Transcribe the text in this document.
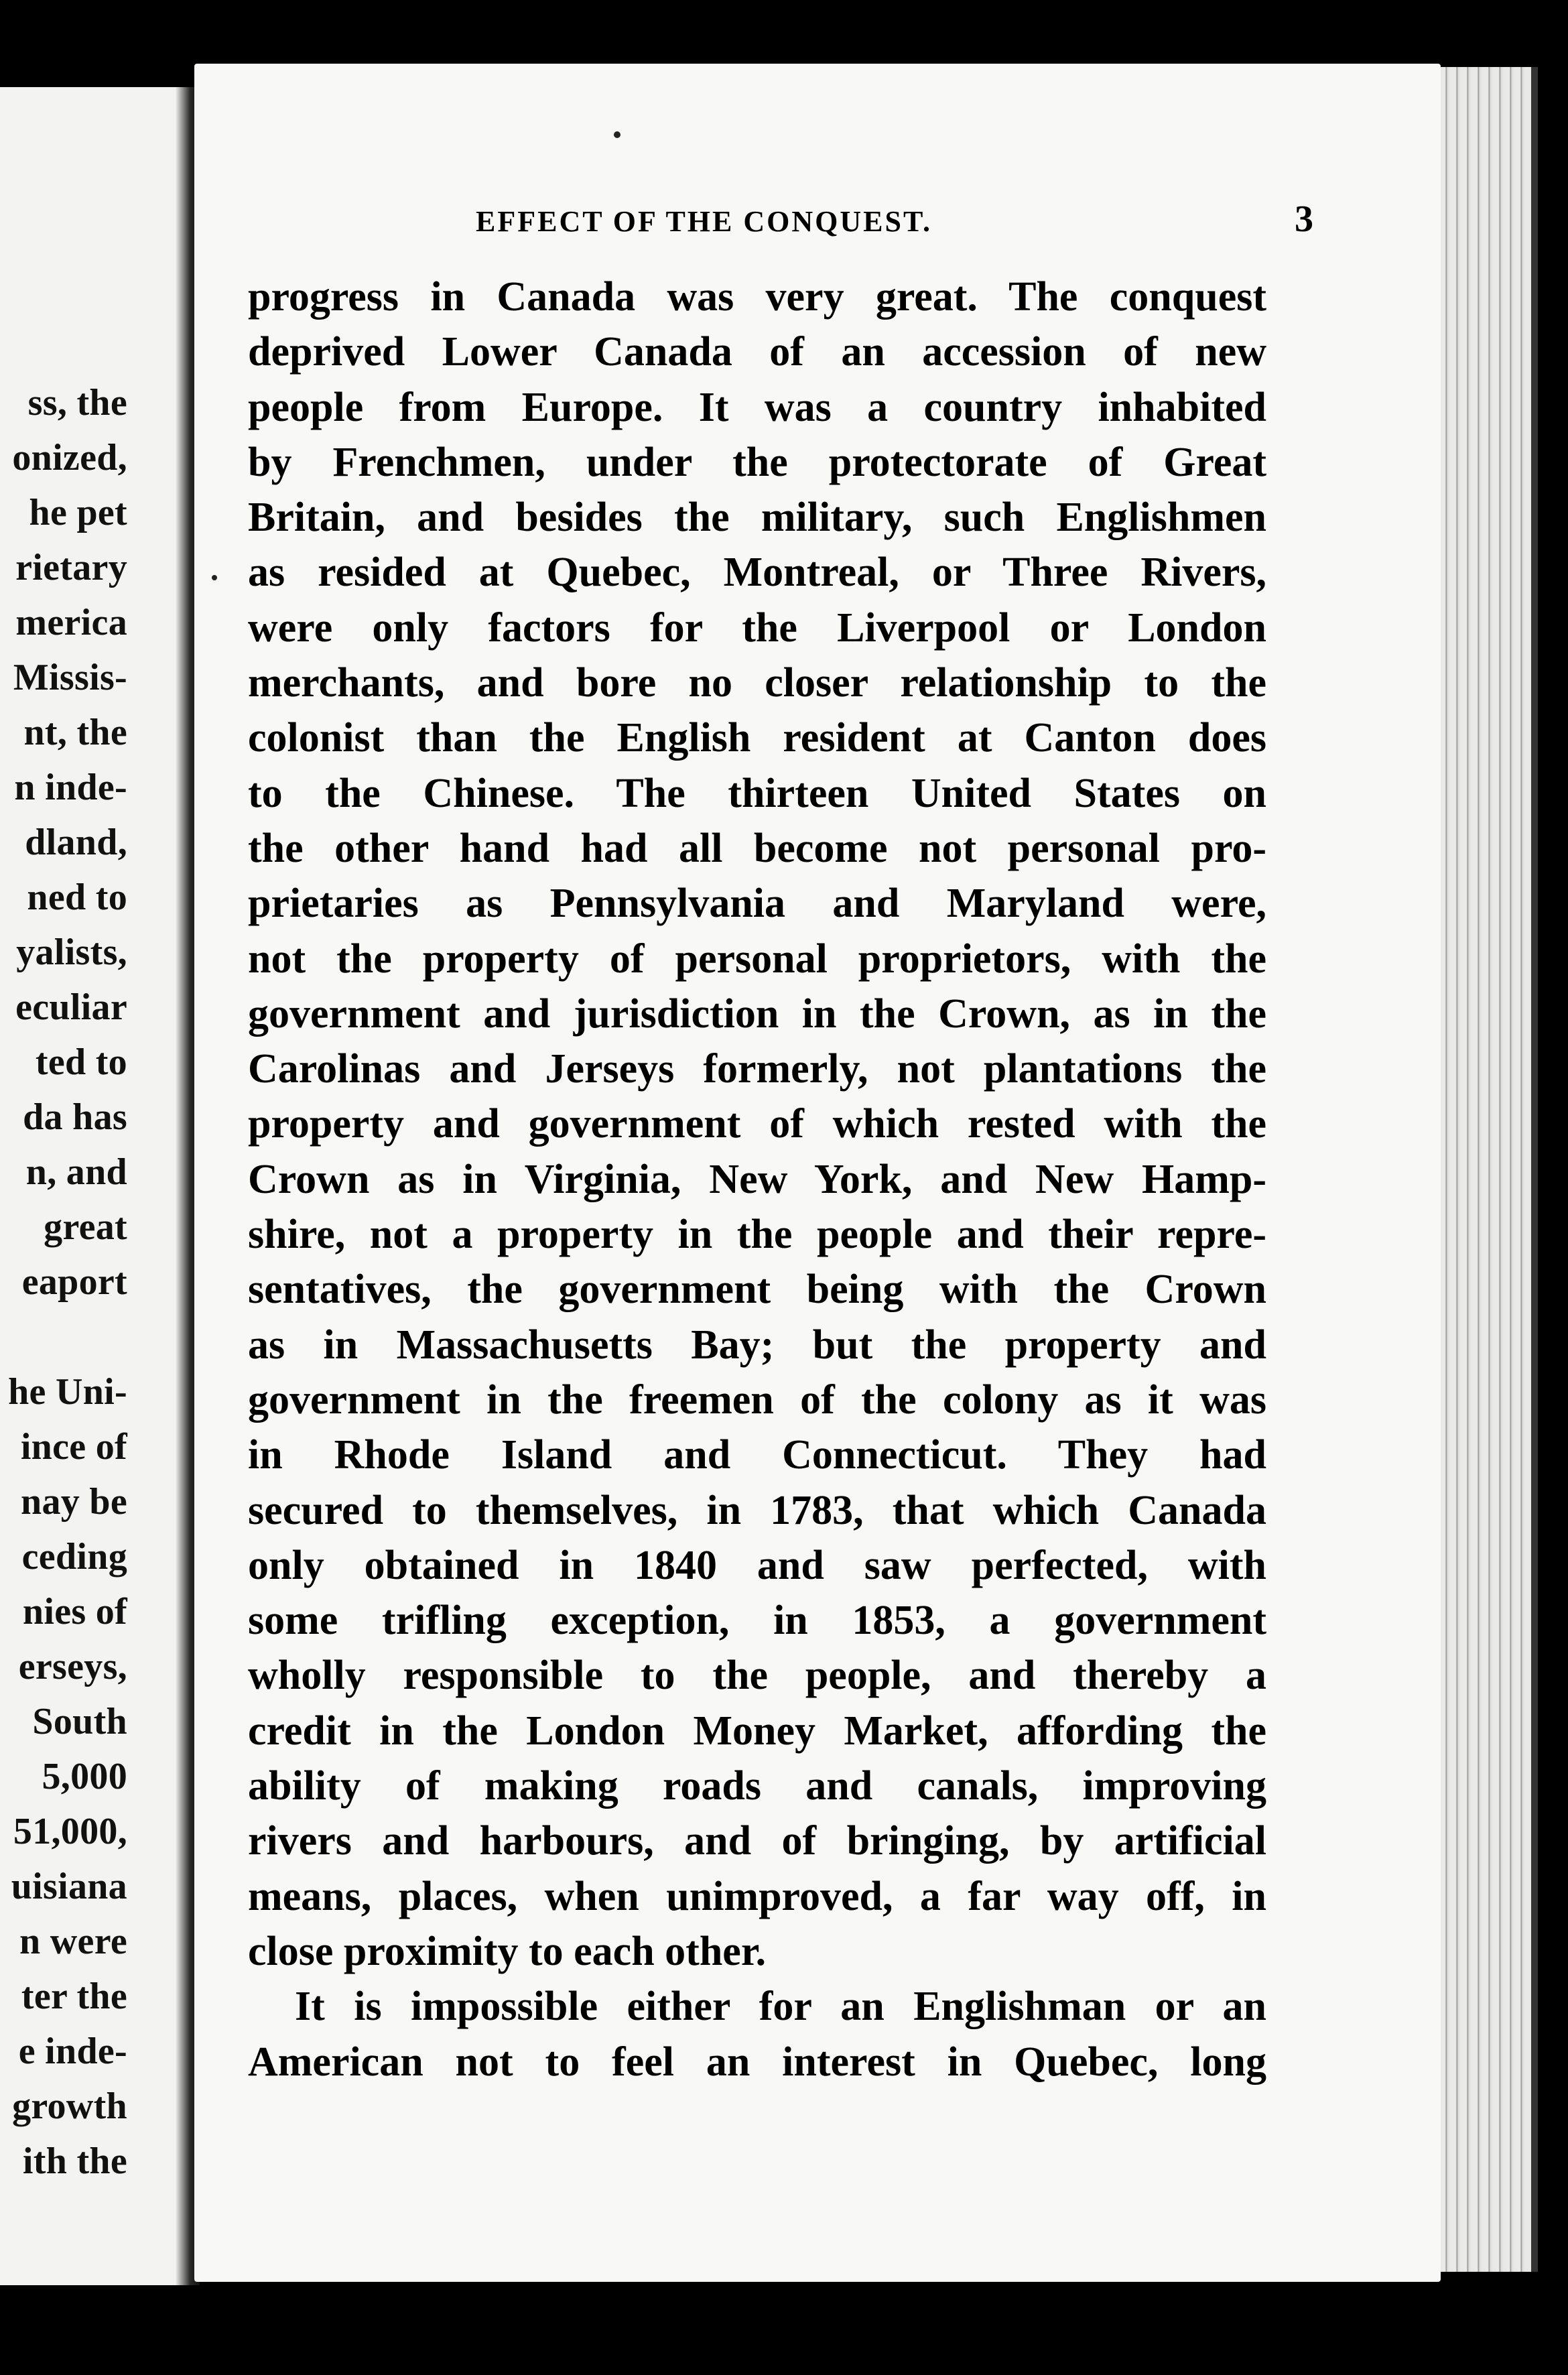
ss, the
onized,
he pet
rietary
merica
Missis-
nt, the
n inde-
dland,
ned to
yalists,
eculiar
ted to
da has
n, and
great
eaport
he Uni-
ince of
nay be
ceding
nies of
erseys,
South
5,000
51,000,
uisiana
n were
ter the
e inde-
growth
ith the
EFFECT OF THE CONQUEST.	3
progress in Canada was very great. The conquest
deprived Lower Canada of an accession of new
people from Europe. It was a country inhabited
by Frenchmen, under the protectorate of Great
Britain, and besides the military, such Englishmen
as resided at Quebec, Montreal, or Three Rivers,
were only factors for the Liverpool or London
merchants, and bore no closer relationship to the
colonist than the English resident at Canton does
to the Chinese. The thirteen United States on
the other hand had all become not personal pro-
prietaries as Pennsylvania and Maryland were,
not the property of personal proprietors, with the
government and jurisdiction in the Crown, as in the
Carolinas and Jerseys formerly, not plantations the
property and government of which rested with the
Crown as in Virginia, New York, and New Hamp-
shire, not a property in the people and their repre-
sentatives, the government being with the Crown
as in Massachusetts Bay; but the property and
government in the freemen of the colony as it was
in Rhode Island and Connecticut. They had
secured to themselves, in 1783, that which Canada
only obtained in 1840 and saw perfected, with
some trifling exception, in 1853, a government
wholly responsible to the people, and thereby a
credit in the London Money Market, affording the
ability of making roads and canals, improving
rivers and harbours, and of bringing, by artificial
means, places, when unimproved, a far way off, in
close proximity to each other.
It is impossible either for an Englishman or an
American not to feel an interest in Quebec, long
